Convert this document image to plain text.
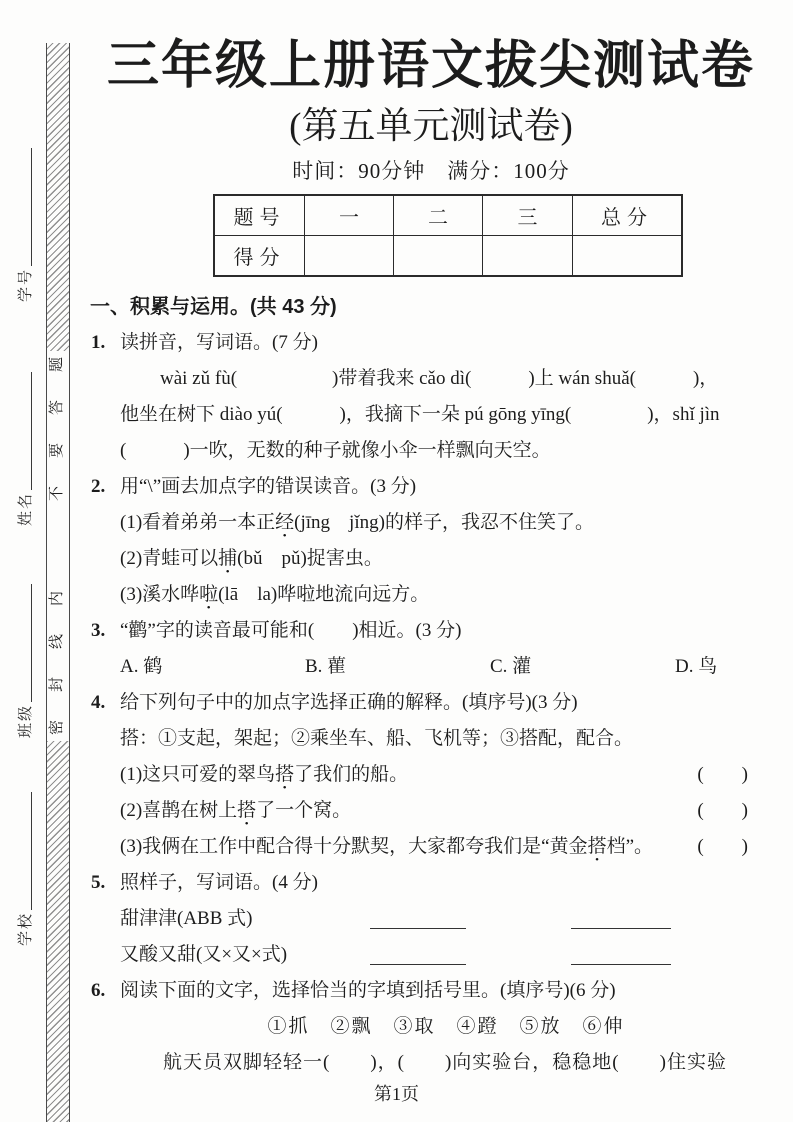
题
答
要
不
内
线
封
密
学号
姓名
班级
学校
三年级上册语文拔尖测试卷
(第五单元测试卷)
时间：90分钟　满分：100分
题号	一	二	三	总分
得分				
一、积累与运用。(共 43 分)
1. 读拼音，写词语。(7 分)
wài zǔ fù(　　　　　)带着我来 cǎo dì(　　　)上 wán shuǎ(　　　)，
他坐在树下 diào yú(　　　)，我摘下一朵 pú gōng yīng(　　　　)，shǐ jìn
(　　　)一吹，无数的种子就像小伞一样飘向天空。
2. 用“\”画去加点字的错误读音。(3 分)
(1)看着弟弟一本正经(jīng　jǐng)的样子，我忍不住笑了。
(2)青蛙可以捕(bǔ　pǔ)捉害虫。
(3)溪水哗啦(lā　la)哗啦地流向远方。
3. “鹳”字的读音最可能和(　　)相近。(3 分)
A. 鹤	B. 雚	C. 灌	D. 鸟
4. 给下列句子中的加点字选择正确的解释。(填序号)(3 分)
搭：①支起，架起；②乘坐车、船、飞机等；③搭配，配合。
(1)这只可爱的翠鸟搭了我们的船。	(　　)
(2)喜鹊在树上搭了一个窝。	(　　)
(3)我俩在工作中配合得十分默契，大家都夸我们是“黄金搭档”。 (　　)
5. 照样子，写词语。(4 分)
甜津津(ABB 式)
又酸又甜(又×又×式)
6. 阅读下面的文字，选择恰当的字填到括号里。(填序号)(6 分)
①抓　②飘　③取　④蹬　⑤放　⑥伸
航天员双脚轻轻一(　　)，(　　)向实验台，稳稳地(　　)住实验
第1页
